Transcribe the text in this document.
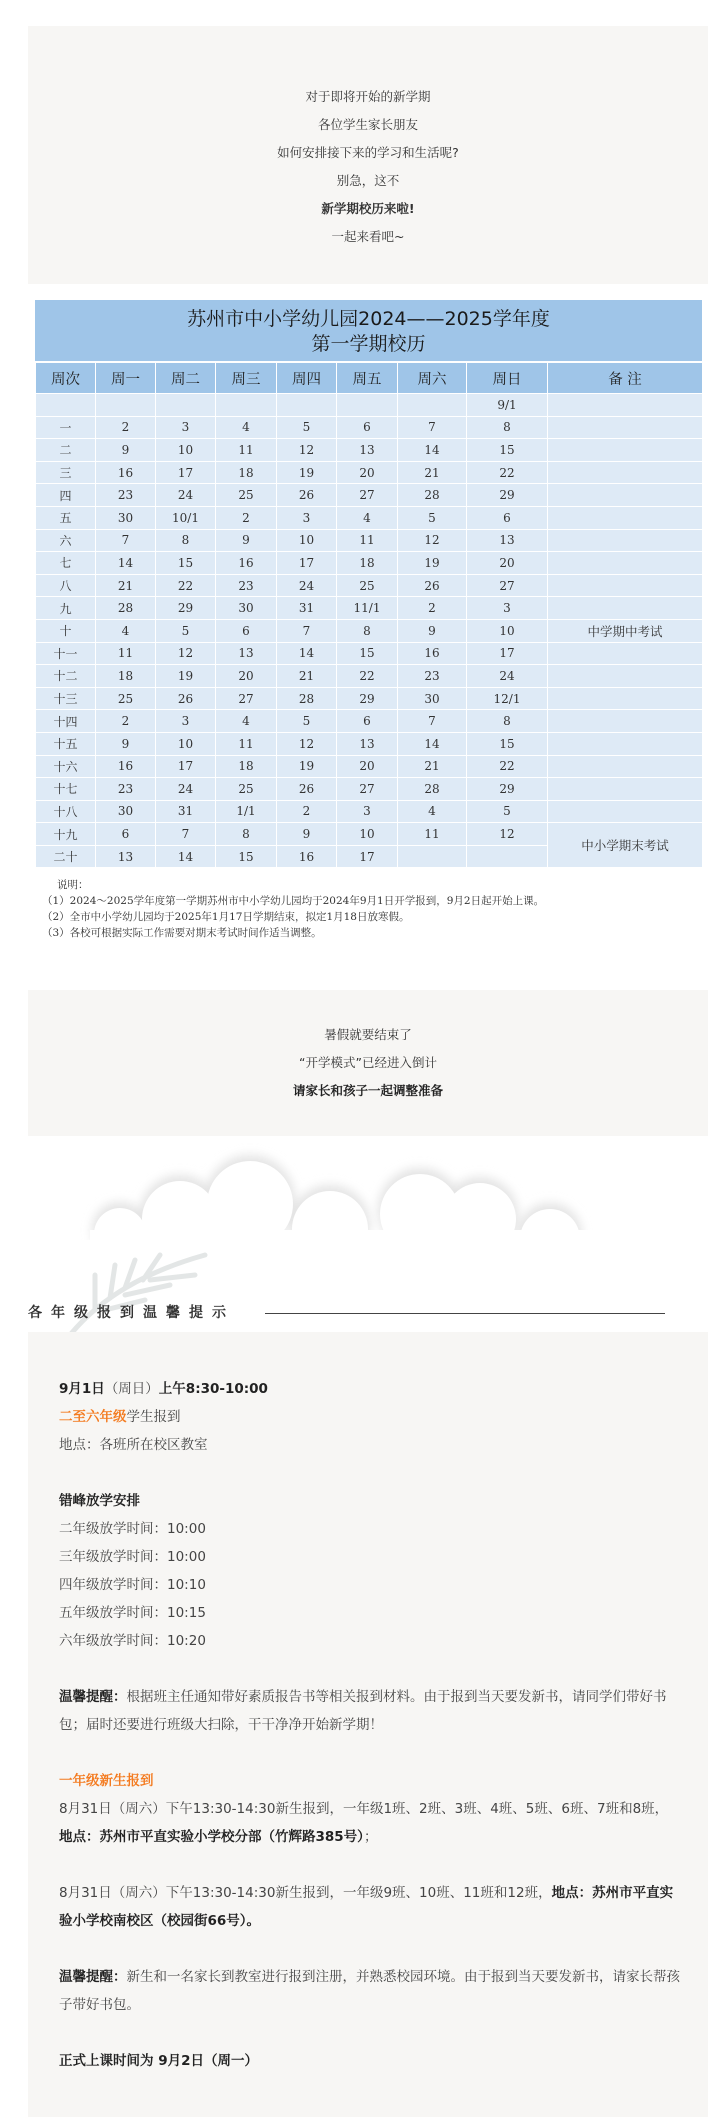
对于即将开始的新学期
各位学生家长朋友
如何安排接下来的学习和生活呢?
别急，这不
新学期校历来啦!
一起来看吧~
苏州市中小学幼儿园2024——2025学年度
第一学期校历
周次	周一	周二	周三	周四	周五	周六	周日	备 注
							9/1	
一	2	3	4	5	6	7	8	
二	9	10	11	12	13	14	15	
三	16	17	18	19	20	21	22	
四	23	24	25	26	27	28	29	
五	30	10/1	2	3	4	5	6	
六	7	8	9	10	11	12	13	
七	14	15	16	17	18	19	20	
八	21	22	23	24	25	26	27	
九	28	29	30	31	11/1	2	3	
十	4	5	6	7	8	9	10	中学期中考试
十一	11	12	13	14	15	16	17	
十二	18	19	20	21	22	23	24	
十三	25	26	27	28	29	30	12/1	
十四	2	3	4	5	6	7	8	
十五	9	10	11	12	13	14	15	
十六	16	17	18	19	20	21	22	
十七	23	24	25	26	27	28	29	
十八	30	31	1/1	2	3	4	5	
十九	6	7	8	9	10	11	12	中小学期末考试
二十	13	14	15	16	17			
说明：
（1）2024～2025学年度第一学期苏州市中小学幼儿园均于2024年9月1日开学报到，9月2日起开始上课。
（2）全市中小学幼儿园均于2025年1月17日学期结束，拟定1月18日放寒假。
（3）各校可根据实际工作需要对期末考试时间作适当调整。
暑假就要结束了
“开学模式”已经进入倒计
请家长和孩子一起调整准备
各年级报到温馨提示
9月1日（周日）上午8:30-10:00
二至六年级学生报到
地点：各班所在校区教室
错峰放学安排
二年级放学时间：10:00
三年级放学时间：10:00
四年级放学时间：10:10
五年级放学时间：10:15
六年级放学时间：10:20
温馨提醒：根据班主任通知带好素质报告书等相关报到材料。由于报到当天要发新书，请同学们带好书包；届时还要进行班级大扫除，干干净净开始新学期！
一年级新生报到
8月31日（周六）下午13:30-14:30新生报到，一年级1班、2班、3班、4班、5班、6班、7班和8班，地点：苏州市平直实验小学校分部（竹辉路385号）；
8月31日（周六）下午13:30-14:30新生报到，一年级9班、10班、11班和12班，地点：苏州市平直实验小学校南校区（校园街66号）。
温馨提醒：新生和一名家长到教室进行报到注册，并熟悉校园环境。由于报到当天要发新书，请家长帮孩子带好书包。
正式上课时间为 9月2日（周一）
